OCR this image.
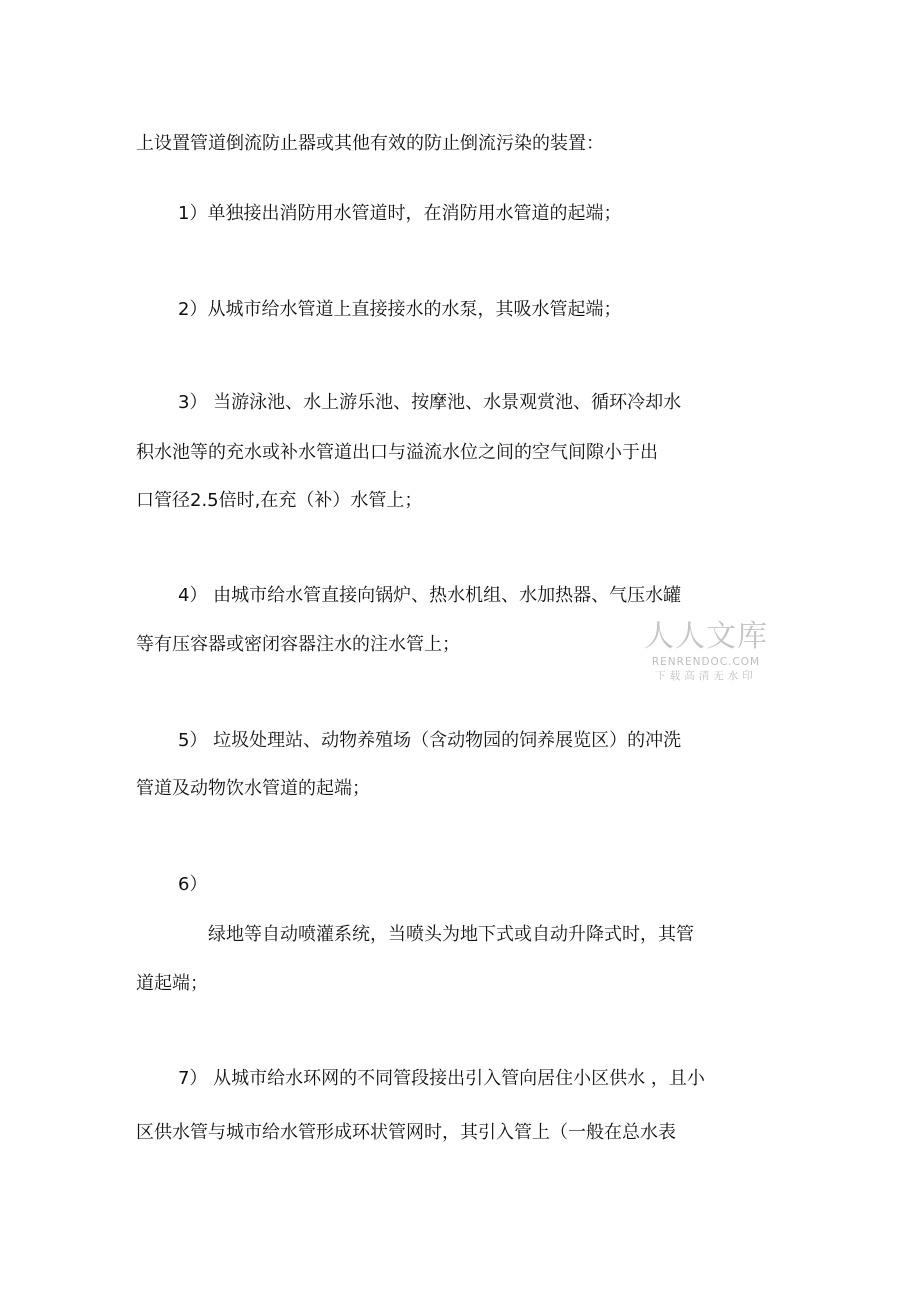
上设置管道倒流防止器或其他有效的防止倒流污染的装置：

1）单独接出消防用水管道时，在消防用水管道的起端；

2）从城市给水管道上直接接水的水泵，其吸水管起端；

3） 当游泳池、水上游乐池、按摩池、水景观赏池、循环冷却水

积水池等的充水或补水管道出口与溢流水位之间的空气间隙小于出

口管径2.5倍时,在充（补）水管上；

4） 由城市给水管直接向锅炉、热水机组、水加热器、气压水罐

等有压容器或密闭容器注水的注水管上；

5） 垃圾处理站、动物养殖场（含动物园的饲养展览区）的冲洗

管道及动物饮水管道的起端；

6）

绿地等自动喷灌系统，当喷头为地下式或自动升降式时，其管

道起端；

7） 从城市给水环网的不同管段接出引入管向居住小区供水 ，且小

区供水管与城市给水管形成环状管网时，其引入管上（一般在总水表

人人文库
RENRENDOC.COM
下载高清无水印
